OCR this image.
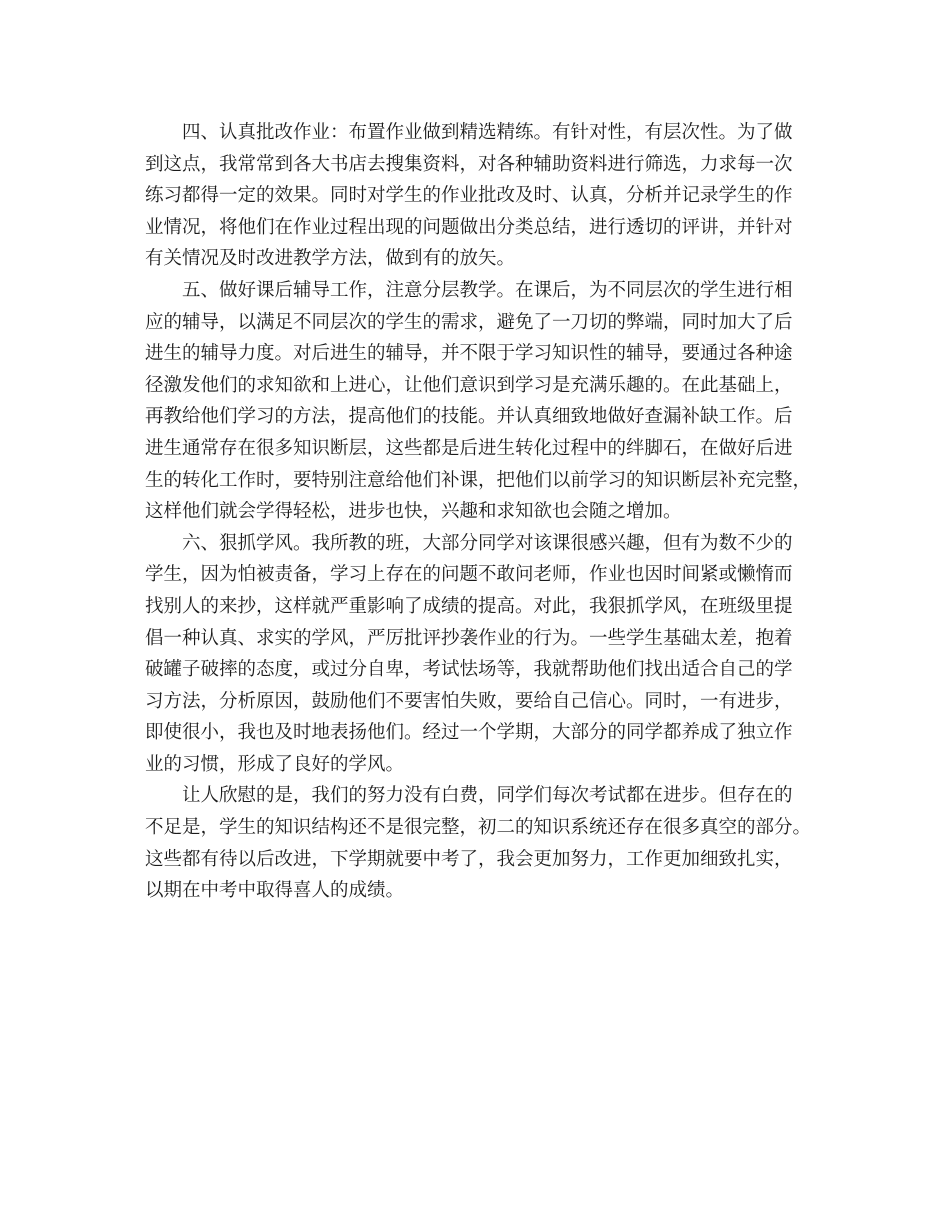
四、认真批改作业：布置作业做到精选精练。有针对性，有层次性。为了做
到这点，我常常到各大书店去搜集资料，对各种辅助资料进行筛选，力求每一次
练习都得一定的效果。同时对学生的作业批改及时、认真，分析并记录学生的作
业情况，将他们在作业过程出现的问题做出分类总结，进行透切的评讲，并针对
有关情况及时改进教学方法，做到有的放矢。
五、做好课后辅导工作，注意分层教学。在课后，为不同层次的学生进行相
应的辅导，以满足不同层次的学生的需求，避免了一刀切的弊端，同时加大了后
进生的辅导力度。对后进生的辅导，并不限于学习知识性的辅导，要通过各种途
径激发他们的求知欲和上进心，让他们意识到学习是充满乐趣的。在此基础上，
再教给他们学习的方法，提高他们的技能。并认真细致地做好查漏补缺工作。后
进生通常存在很多知识断层，这些都是后进生转化过程中的绊脚石，在做好后进
生的转化工作时，要特别注意给他们补课，把他们以前学习的知识断层补充完整，
这样他们就会学得轻松，进步也快，兴趣和求知欲也会随之增加。
六、狠抓学风。我所教的班，大部分同学对该课很感兴趣，但有为数不少的
学生，因为怕被责备，学习上存在的问题不敢问老师，作业也因时间紧或懒惰而
找别人的来抄，这样就严重影响了成绩的提高。对此，我狠抓学风，在班级里提
倡一种认真、求实的学风，严厉批评抄袭作业的行为。一些学生基础太差，抱着
破罐子破摔的态度，或过分自卑，考试怯场等，我就帮助他们找出适合自己的学
习方法，分析原因，鼓励他们不要害怕失败，要给自己信心。同时，一有进步，
即使很小，我也及时地表扬他们。经过一个学期，大部分的同学都养成了独立作
业的习惯，形成了良好的学风。
让人欣慰的是，我们的努力没有白费，同学们每次考试都在进步。但存在的
不足是，学生的知识结构还不是很完整，初二的知识系统还存在很多真空的部分。
这些都有待以后改进，下学期就要中考了，我会更加努力，工作更加细致扎实，
以期在中考中取得喜人的成绩。
